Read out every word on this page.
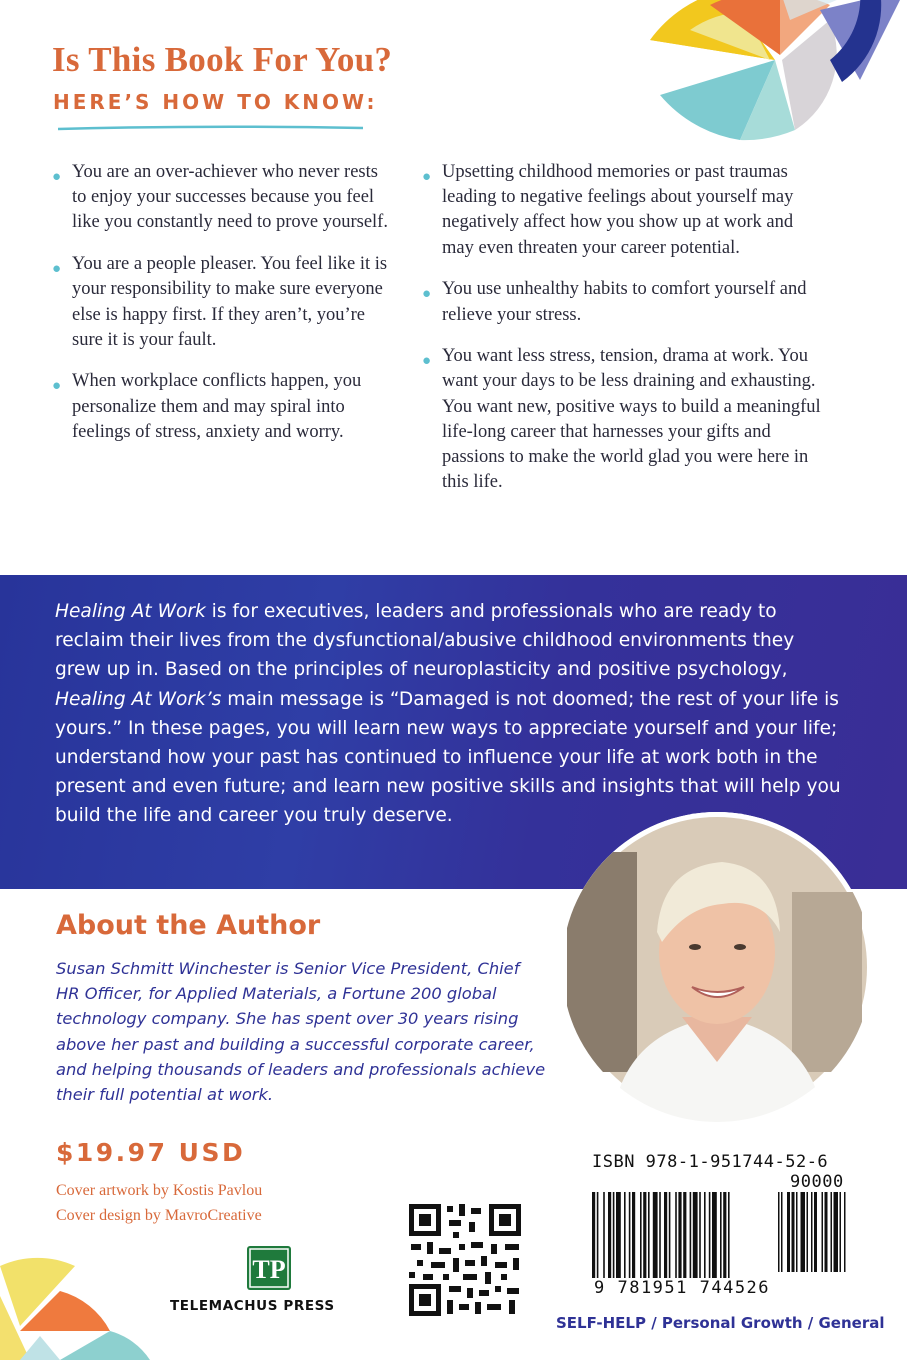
Is This Book For You?
HERE’S HOW TO KNOW:
● You are an over-achiever who never rests to enjoy your successes because you feel like you constantly need to prove yourself.
● You are a people pleaser. You feel like it is your responsibility to make sure everyone else is happy first. If they aren’t, you’re sure it is your fault.
● When workplace conflicts happen, you personalize them and may spiral into feelings of stress, anxiety and worry.
● Upsetting childhood memories or past traumas leading to negative feelings about yourself may negatively affect how you show up at work and may even threaten your career potential.
● You use unhealthy habits to comfort yourself and relieve your stress.
● You want less stress, tension, drama at work. You want your days to be less draining and exhausting. You want new, positive ways to build a meaningful life-long career that harnesses your gifts and passions to make the world glad you were here in this life.
Healing At Work is for executives, leaders and professionals who are ready to reclaim their lives from the dysfunctional/abusive childhood environments they grew up in. Based on the principles of neuroplasticity and positive psychology, Healing At Work’s main message is “Damaged is not doomed; the rest of your life is yours.” In these pages, you will learn new ways to appreciate yourself and your life; understand how your past has continued to influence your life at work both in the present and even future; and learn new positive skills and insights that will help you build the life and career you truly deserve.
About the Author
Susan Schmitt Winchester is Senior Vice President, Chief HR Officer, for Applied Materials, a Fortune 200 global technology company. She has spent over 30 years rising above her past and building a successful corporate career, and helping thousands of leaders and professionals achieve their full potential at work.
$19.97 USD
Cover artwork by Kostis Pavlou
Cover design by MavroCreative
TP
TELEMACHUS PRESS
ISBN 978-1-951744-52-6
90000
9 781951 744526
SELF-HELP / Personal Growth / General
